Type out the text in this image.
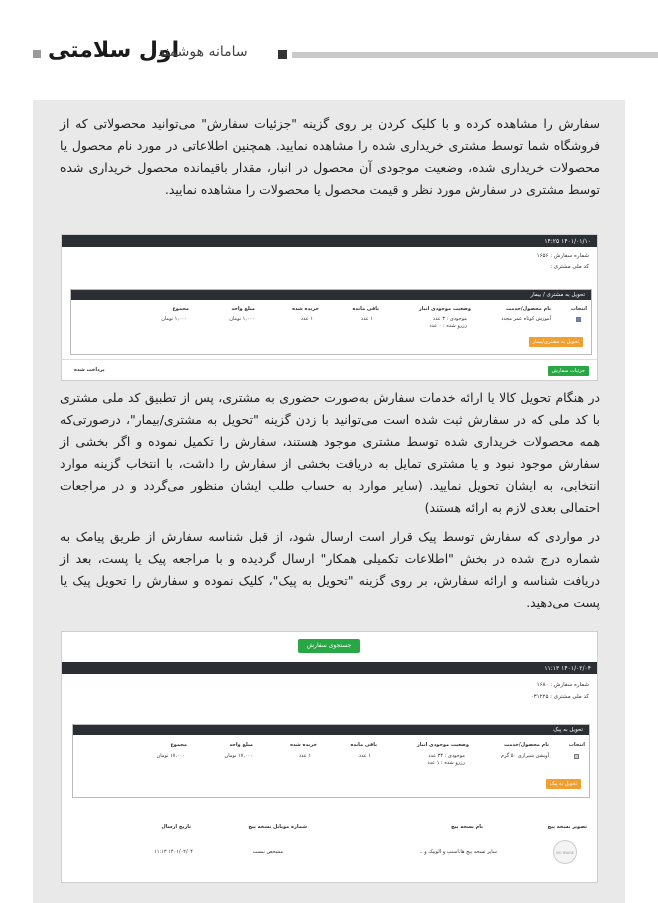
اول سلامتی
سامانه هوشمند

سفارش را مشاهده کرده و با کلیک کردن بر روی گزینه "جزئیات سفارش" می‌توانید محصولاتی که از فروشگاه شما توسط مشتری خریداری شده را مشاهده نمایید. همچنین اطلاعاتی در مورد نام محصول یا محصولات خریداری شده، وضعیت موجودی آن محصول در انبار، مقدار باقیمانده محصول خریداری شده توسط مشتری در سفارش مورد نظر و قیمت محصول یا محصولات را مشاهده نمایید.

۱۴۰۱/۰۱/۱۰ ۱۴:۲۵
شماره سفارش : ۱۶۵۶
کد ملی مشتری :
تحویل به مشتری / بیمار
انتخاب
نام محصول/خدمت
وضعیت موجودی انبار
باقی مانده
خریده شده
مبلغ واحد
مجموع
آموزش کوتاه عمر مجدد
موجودی : ۳ عدد
رزرو شده : ۰ عدد
۱ عدد
۱ عدد
۱,۰۰۰ تومان
۱,۰۰۰ تومان
تحویل به مشتری/بیمار
جزئیات سفارش
پرداخت شده

در هنگام تحویل کالا یا ارائه خدمات سفارش به‌صورت حضوری به مشتری، پس از تطبیق کد ملی مشتری با کد ملی که در سفارش ثبت شده است می‌توانید با زدن گزینه "تحویل به مشتری/بیمار"، درصورتی‌که همه محصولات خریداری شده توسط مشتری موجود هستند، سفارش را تکمیل نموده و اگر بخشی از سفارش موجود نبود و یا مشتری تمایل به دریافت بخشی از سفارش را داشت، با انتخاب گزینه موارد انتخابی، به ایشان تحویل نمایید. (سایر موارد به حساب طلب ایشان منظور می‌گردد و در مراجعات احتمالی بعدی لازم به ارائه هستند)

در مواردی که سفارش توسط پیک قرار است ارسال شود، از قبل شناسه سفارش از طریق پیامک به شماره درج شده در بخش "اطلاعات تکمیلی همکار" ارسال گردیده و با مراجعه پیک یا پست، بعد از دریافت شناسه و ارائه سفارش، بر روی گزینه "تحویل به پیک"، کلیک نموده و سفارش را تحویل پیک یا پست می‌دهید.

جستجوی سفارش
۱۴۰۱/۰۲/۰۴ ۱۱:۱۳
شماره سفارش : ۱۶۸۰
کد ملی مشتری : ۰۳۱۲۲۵
تحویل به پیک
انتخاب
نام محصول/خدمت
وضعیت موجودی انبار
باقی مانده
خریده شده
مبلغ واحد
مجموع
آویشن شیرازی ۵۰ گرم
موجودی : ۳۴ عدد
رزرو شده : ۱ عدد
۱ عدد
۱ عدد
۱۷,۰۰۰ تومان
۱۷,۰۰۰ تومان
تحویل به پیک
تصویر نسخه پیچ
نام نسخه پیچ
شماره موبایل نسخه پیچ
تاریخ ارسال
NO IMAGE
سایر نسخه پیچ ها،اسنپ و الوپیک و ..
مشخص نیست
۱۴۰۱/۰۲/۰۴ ۱۱:۱۳
